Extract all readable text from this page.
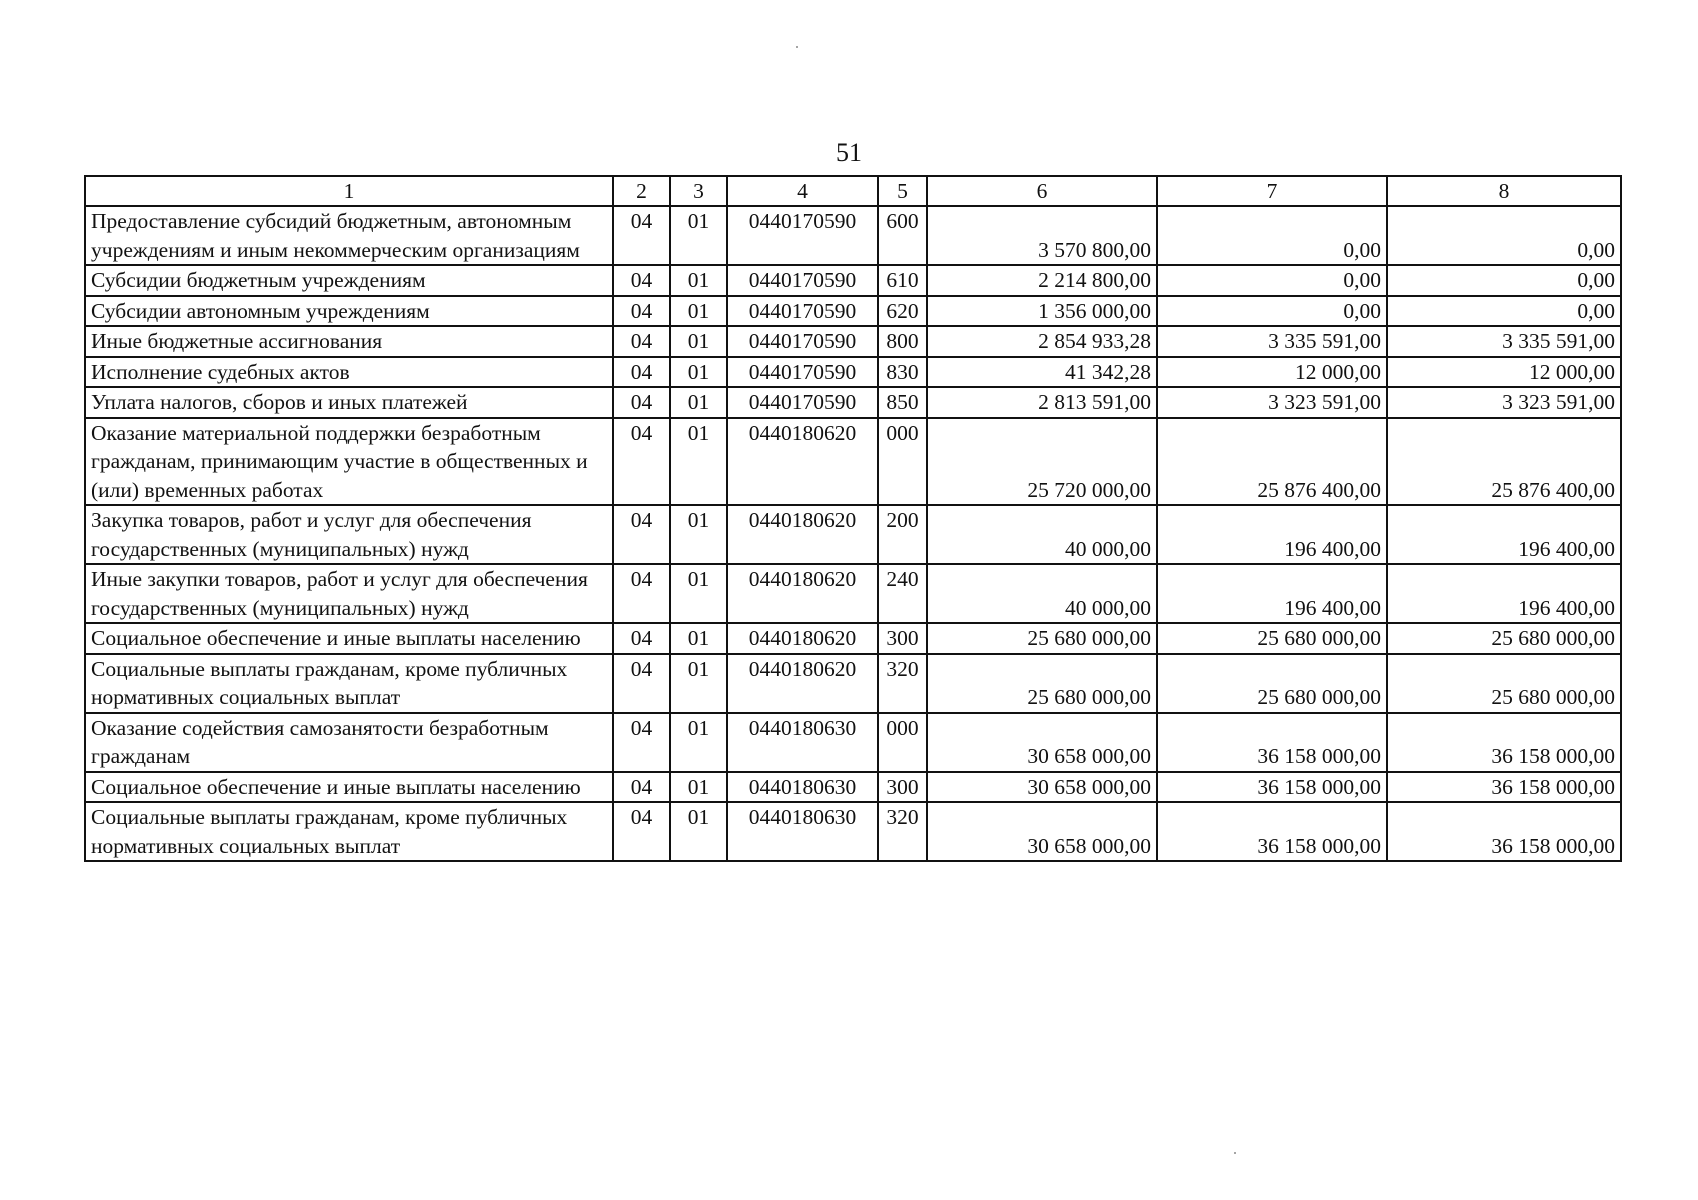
51
1	2	3	4	5	6	7	8
Предоставление субсидий бюджетным, автономным учреждениям и иным некоммерческим организациям	04	01	0440170590	600	3 570 800,00	0,00	0,00
Субсидии бюджетным учреждениям	04	01	0440170590	610	2 214 800,00	0,00	0,00
Субсидии автономным учреждениям	04	01	0440170590	620	1 356 000,00	0,00	0,00
Иные бюджетные ассигнования	04	01	0440170590	800	2 854 933,28	3 335 591,00	3 335 591,00
Исполнение судебных актов	04	01	0440170590	830	41 342,28	12 000,00	12 000,00
Уплата налогов, сборов и иных платежей	04	01	0440170590	850	2 813 591,00	3 323 591,00	3 323 591,00
Оказание материальной поддержки безработным гражданам, принимающим участие в общественных и (или) временных работах	04	01	0440180620	000	25 720 000,00	25 876 400,00	25 876 400,00
Закупка товаров, работ и услуг для обеспечения государственных (муниципальных) нужд	04	01	0440180620	200	40 000,00	196 400,00	196 400,00
Иные закупки товаров, работ и услуг для обеспечения государственных (муниципальных) нужд	04	01	0440180620	240	40 000,00	196 400,00	196 400,00
Социальное обеспечение и иные выплаты населению	04	01	0440180620	300	25 680 000,00	25 680 000,00	25 680 000,00
Социальные выплаты гражданам, кроме публичных нормативных социальных выплат	04	01	0440180620	320	25 680 000,00	25 680 000,00	25 680 000,00
Оказание содействия самозанятости безработным гражданам	04	01	0440180630	000	30 658 000,00	36 158 000,00	36 158 000,00
Социальное обеспечение и иные выплаты населению	04	01	0440180630	300	30 658 000,00	36 158 000,00	36 158 000,00
Социальные выплаты гражданам, кроме публичных нормативных социальных выплат	04	01	0440180630	320	30 658 000,00	36 158 000,00	36 158 000,00
